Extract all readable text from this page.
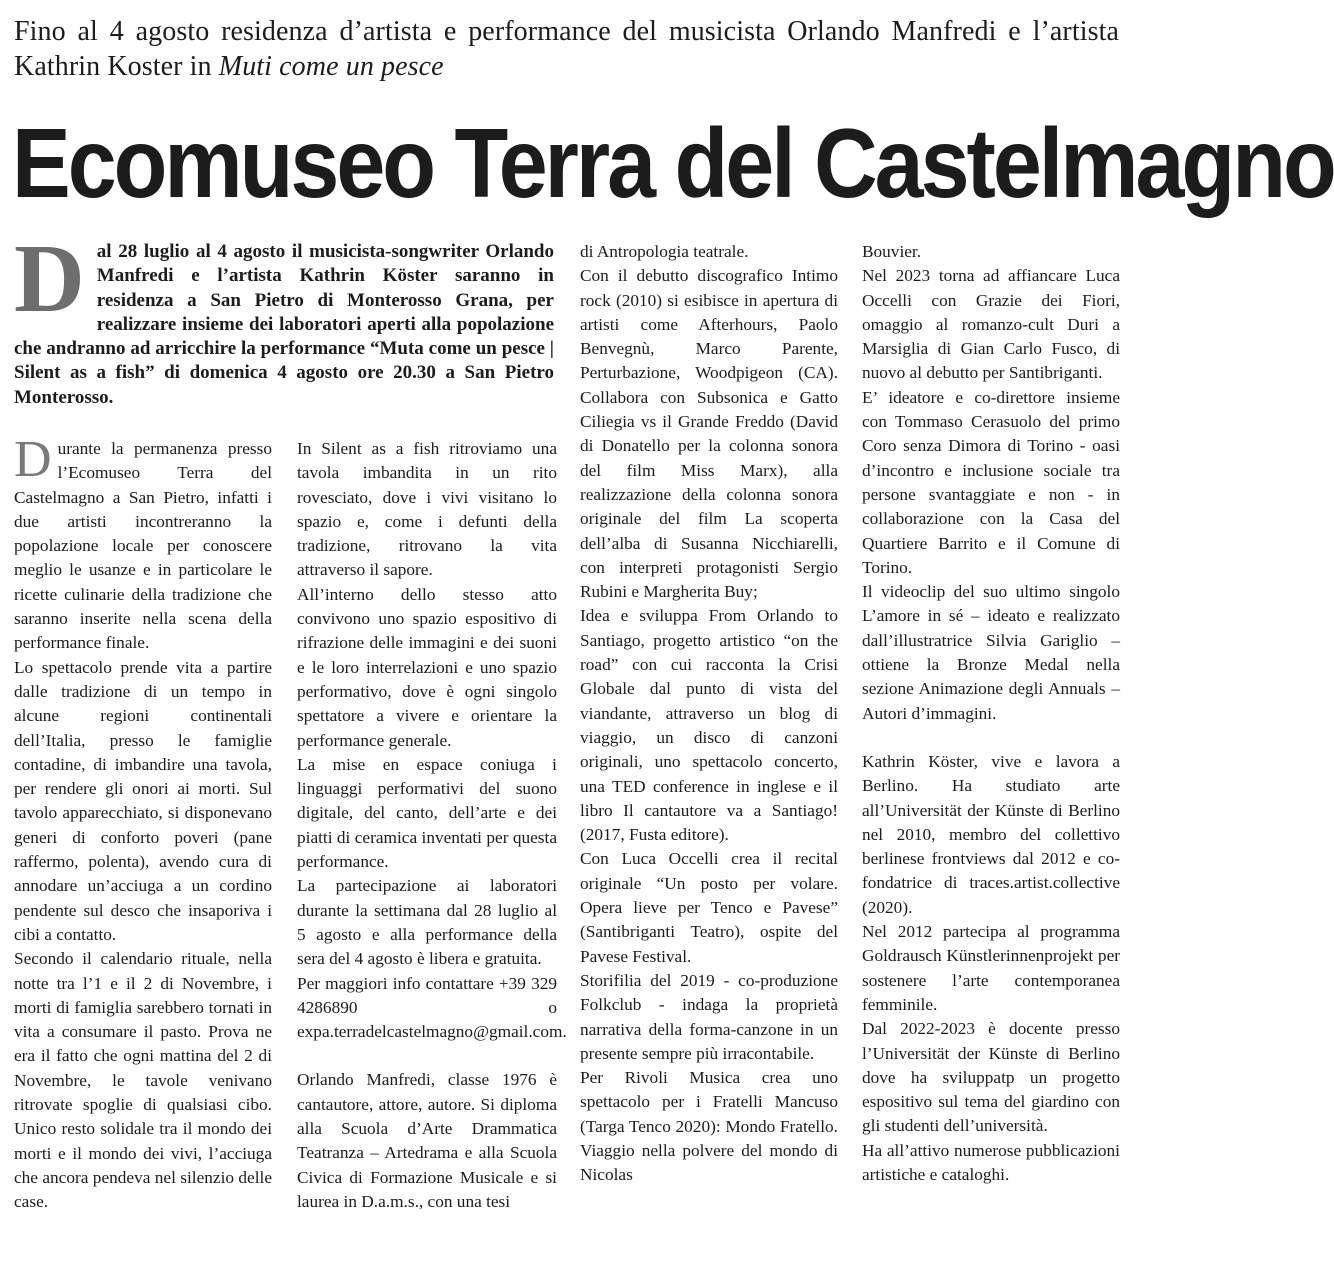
Fino al 4 agosto residenza d’artista e performance del musicista Orlando Manfredi e l’artista Kathrin Koster in Muti come un pesce
Ecomuseo Terra del Castelmagno
D al 28 luglio al 4 agosto il musicista-songwriter Orlando Manfredi e l’artista Kathrin Köster saranno in residenza a San Pietro di Monterosso Grana, per realizzare insieme dei laboratori aperti alla popolazione che andranno ad arricchire la performance “Muta come un pesce | Silent as a fish” di domenica 4 agosto ore 20.30 a San Pietro Monterosso.

Durante la permanenza presso l’Ecomuseo Terra del Castelmagno a San Pietro, infatti i due artisti incontreranno la popolazione locale per conoscere meglio le usanze e in particolare le ricette culinarie della tradizione che saranno inserite nella scena della performance finale.

Lo spettacolo prende vita a partire dalle tradizione di un tempo in alcune regioni continentali dell’Italia, presso le famiglie contadine, di imbandire una tavola, per rendere gli onori ai morti. Sul tavolo apparecchiato, si disponevano generi di conforto poveri (pane raffermo, polenta), avendo cura di annodare un’acciuga a un cordino pendente sul desco che insaporiva i cibi a contatto.

Secondo il calendario rituale, nella notte tra l’1 e il 2 di Novembre, i morti di famiglia sarebbero tornati in vita a consumare il pasto. Prova ne era il fatto che ogni mattina del 2 di Novembre, le tavole venivano ritrovate spoglie di qualsiasi cibo. Unico resto solidale tra il mondo dei morti e il mondo dei vivi, l’acciuga che ancora pendeva nel silenzio delle case.

In Silent as a fish ritroviamo una tavola imbandita in un rito rovesciato, dove i vivi visitano lo spazio e, come i defunti della tradizione, ritrovano la vita attraverso il sapore.

All’interno dello stesso atto convivono uno spazio espositivo di rifrazione delle immagini e dei suoni e le loro interrelazioni e uno spazio performativo, dove è ogni singolo spettatore a vivere e orientare la performance generale.

La mise en espace coniuga i linguaggi performativi del suono digitale, del canto, dell’arte e dei piatti di ceramica inventati per questa performance.

La partecipazione ai laboratori durante la settimana dal 28 luglio al 5 agosto e alla performance della sera del 4 agosto è libera e gratuita.

Per maggiori info contattare +39 329 4286890 o expa.terradelcastelmagno@gmail.com.

Orlando Manfredi, classe 1976 è cantautore, attore, autore. Si diploma alla Scuola d’Arte Drammatica Teatranza – Artedrama e alla Scuola Civica di Formazione Musicale e si laurea in D.a.m.s., con una tesi

di Antropologia teatrale.

Con il debutto discografico Intimo rock (2010) si esibisce in apertura di artisti come Afterhours, Paolo Benvegnù, Marco Parente, Perturbazione, Woodpigeon (CA). Collabora con Subsonica e Gatto Ciliegia vs il Grande Freddo (David di Donatello per la colonna sonora del film Miss Marx), alla realizzazione della colonna sonora originale del film La scoperta dell’alba di Susanna Nicchiarelli, con interpreti protagonisti Sergio Rubini e Margherita Buy;

Idea e sviluppa From Orlando to Santiago, progetto artistico “on the road” con cui racconta la Crisi Globale dal punto di vista del viandante, attraverso un blog di viaggio, un disco di canzoni originali, uno spettacolo concerto, una TED conference in inglese e il libro Il cantautore va a Santiago! (2017, Fusta editore).

Con Luca Occelli crea il recital originale “Un posto per volare. Opera lieve per Tenco e Pavese” (Santibriganti Teatro), ospite del Pavese Festival.

Storifilia del 2019 - co-produzione Folkclub - indaga la proprietà narrativa della forma-canzone in un presente sempre più irracontabile.

Per Rivoli Musica crea uno spettacolo per i Fratelli Mancuso (Targa Tenco 2020): Mondo Fratello. Viaggio nella polvere del mondo di Nicolas

Bouvier.

Nel 2023 torna ad affiancare Luca Occelli con Grazie dei Fiori, omaggio al romanzo-cult Duri a Marsiglia di Gian Carlo Fusco, di nuovo al debutto per Santibriganti.

E’ ideatore e co-direttore insieme con Tommaso Cerasuolo del primo Coro senza Dimora di Torino - oasi d’incontro e inclusione sociale tra persone svantaggiate e non - in collaborazione con la Casa del Quartiere Barrito e il Comune di Torino.

Il videoclip del suo ultimo singolo L’amore in sé – ideato e realizzato dall’illustratrice Silvia Gariglio – ottiene la Bronze Medal nella sezione Animazione degli Annuals – Autori d’immagini.

Kathrin Köster, vive e lavora a Berlino. Ha studiato arte all’Universität der Künste di Berlino nel 2010, membro del collettivo berlinese frontviews dal 2012 e co-fondatrice di traces.artist.collective (2020).

Nel 2012 partecipa al programma Goldrausch Künstlerinnenprojekt per sostenere l’arte contemporanea femminile.

Dal 2022-2023 è docente presso l’Universität der Künste di Berlino dove ha sviluppatp un progetto espositivo sul tema del giardino con gli studenti dell’università.

Ha all’attivo numerose pubblicazioni artistiche e cataloghi.
